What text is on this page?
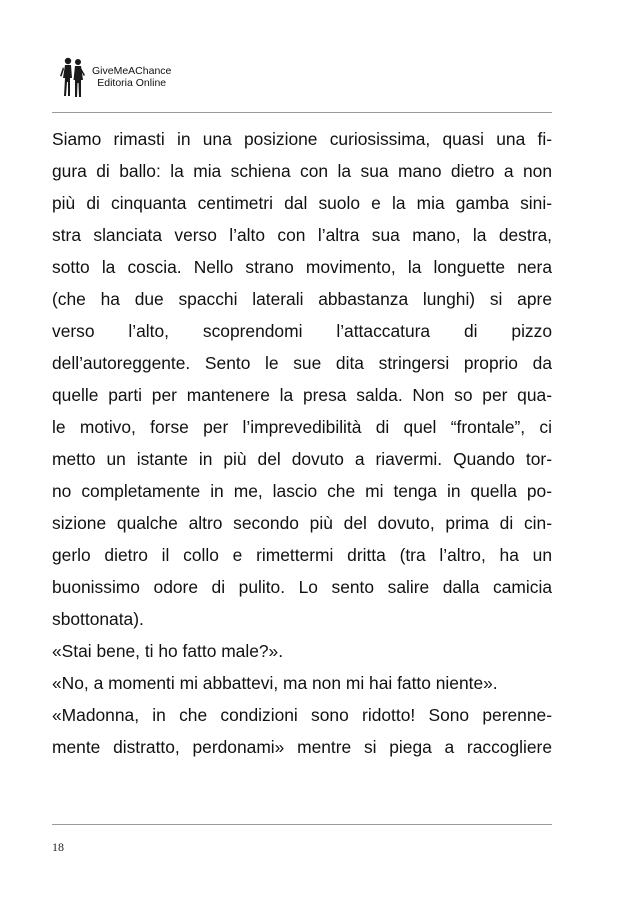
GiveMeAChance
Editoria Online
Siamo rimasti in una posizione curiosissima, quasi una fi-
gura di ballo: la mia schiena con la sua mano dietro a non
più di cinquanta centimetri dal suolo e la mia gamba sini-
stra slanciata verso l’alto con l’altra sua mano, la destra,
sotto la coscia. Nello strano movimento, la longuette nera
(che ha due spacchi laterali abbastanza lunghi) si apre
verso l’alto, scoprendomi l’attaccatura di pizzo
dell’autoreggente. Sento le sue dita stringersi proprio da
quelle parti per mantenere la presa salda. Non so per qua-
le motivo, forse per l’imprevedibilità di quel “frontale”, ci
metto un istante in più del dovuto a riavermi. Quando tor-
no completamente in me, lascio che mi tenga in quella po-
sizione qualche altro secondo più del dovuto, prima di cin-
gerlo dietro il collo e rimettermi dritta (tra l’altro, ha un
buonissimo odore di pulito. Lo sento salire dalla camicia
sbottonata).
«Stai bene, ti ho fatto male?».
«No, a momenti mi abbattevi, ma non mi hai fatto niente».
«Madonna, in che condizioni sono ridotto! Sono perenne-
mente distratto, perdonami» mentre si piega a raccogliere
18
